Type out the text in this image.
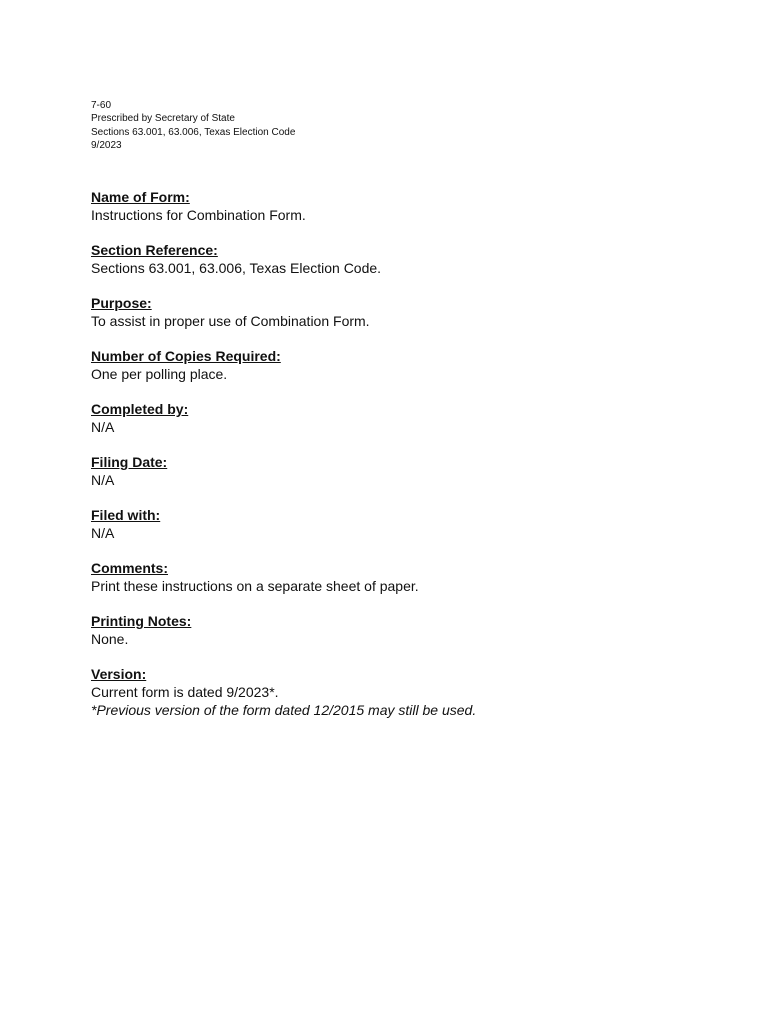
7-60
Prescribed by Secretary of State
Sections 63.001, 63.006, Texas Election Code
9/2023
Name of Form:
Instructions for Combination Form.
Section Reference:
Sections 63.001, 63.006, Texas Election Code.
Purpose:
To assist in proper use of Combination Form.
Number of Copies Required:
One per polling place.
Completed by:
N/A
Filing Date:
N/A
Filed with:
N/A
Comments:
Print these instructions on a separate sheet of paper.
Printing Notes:
None.
Version:
Current form is dated 9/2023*.
*Previous version of the form dated 12/2015 may still be used.
